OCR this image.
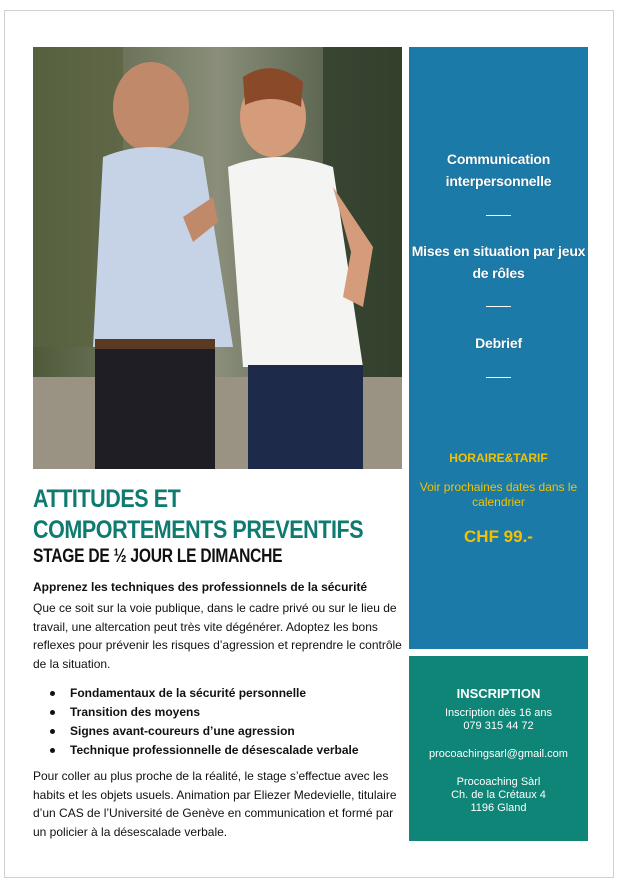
Communication interpersonnelle
Mises en situation par jeux de rôles
Debrief
HORAIRE&TARIF
Voir prochaines dates dans le calendrier
CHF 99.-
INSCRIPTION
Inscription dès 16 ans
079 315 44 72
procoachingsarl@gmail.com
Procoaching Sàrl
Ch. de la Crétaux 4
1196 Gland
ATTITUDES ET
COMPORTEMENTS PREVENTIFS
STAGE DE ½ JOUR LE DIMANCHE
Apprenez les techniques des professionnels de la sécurité
Que ce soit sur la voie publique, dans le cadre privé ou sur le lieu de travail, une altercation peut très vite dégénérer. Adoptez les bons reflexes pour prévenir les risques d’agression et reprendre le contrôle de la situation.
Fondamentaux de la sécurité personnelle
Transition des moyens
Signes avant-coureurs d’une agression
Technique professionnelle de désescalade verbale
Pour coller au plus proche de la réalité, le stage s’effectue avec les habits et les objets usuels. Animation par Eliezer Medevielle, titulaire d’un CAS de l’Université de Genève en communication et formé par un policier à la désescalade verbale.
